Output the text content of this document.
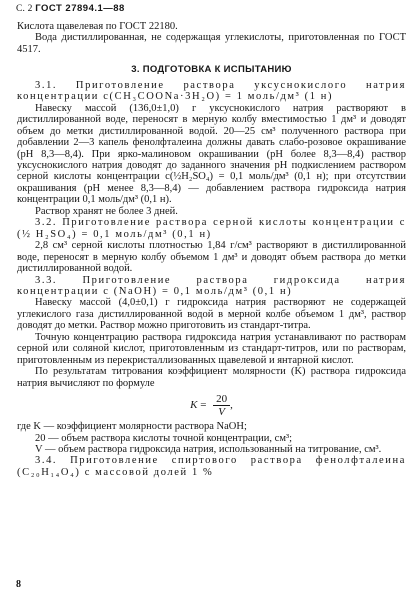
С. 2 ГОСТ 27894.1—88

Кислота щавелевая по ГОСТ 22180.

Вода дистиллированная, не содержащая углекислоты, приготовленная по ГОСТ 4517.

3. ПОДГОТОВКА К ИСПЫТАНИЮ

3.1. Приготовление раствора уксуснокислого натрия концентрации c(CH₃COONa·3H₂O) = 1 моль/дм³ (1 н)

Навеску массой (136,0±1,0) г уксуснокислого натрия растворяют в дистиллированной воде, переносят в мерную колбу вместимостью 1 дм³ и доводят объем до метки дистиллированной водой. 20—25 см³ полученного раствора при добавлении 2—3 капель фенолфталеина должны давать слабо-розовое окрашивание (pH 8,3—8,4). При ярко-малиновом окрашивании (pH более 8,3—8,4) раствор уксуснокислого натрия доводят до заданного значения pH подкислением раствором серной кислоты концентрации c(½H₂SO₄) = 0,1 моль/дм³ (0,1 н); при отсутствии окрашивания (pH менее 8,3—8,4) — добавлением раствора гидроксида натрия концентрации 0,1 моль/дм³ (0,1 н).

Раствор хранят не более 3 дней.

3.2. Приготовление раствора серной кислоты концентрации c (½ H₂SO₄) = 0,1 моль/дм³ (0,1 н)

2,8 см³ серной кислоты плотностью 1,84 г/см³ растворяют в дистиллированной воде, переносят в мерную колбу объемом 1 дм³ и доводят объем раствора до метки дистиллированной водой.

3.3. Приготовление раствора гидроксида натрия концентрации c (NaOH) = 0,1 моль/дм³ (0,1 н)

Навеску массой (4,0±0,1) г гидроксида натрия растворяют не содержащей углекислого газа дистиллированной водой в мерной колбе объемом 1 дм³, раствор доводят до метки. Раствор можно приготовить из стандарт-титра.

Точную концентрацию раствора гидроксида натрия устанавливают по растворам серной или соляной кислот, приготовленным из стандарт-титров, или по растворам, приготовленным из перекристаллизованных щавелевой и янтарной кислот.

По результатам титрования коэффициент молярности (K) раствора гидроксида натрия вычисляют по формуле

$K = \frac{20}{V}$ ,

где K — коэффициент молярности раствора NaOH;

20 — объем раствора кислоты точной концентрации, см³;

V — объем раствора гидроксида натрия, использованный на титрование, см³.

3.4. Приготовление спиртового раствора фенолфталеина (C₂₀H₁₄O₄) с массовой долей 1 %

8
